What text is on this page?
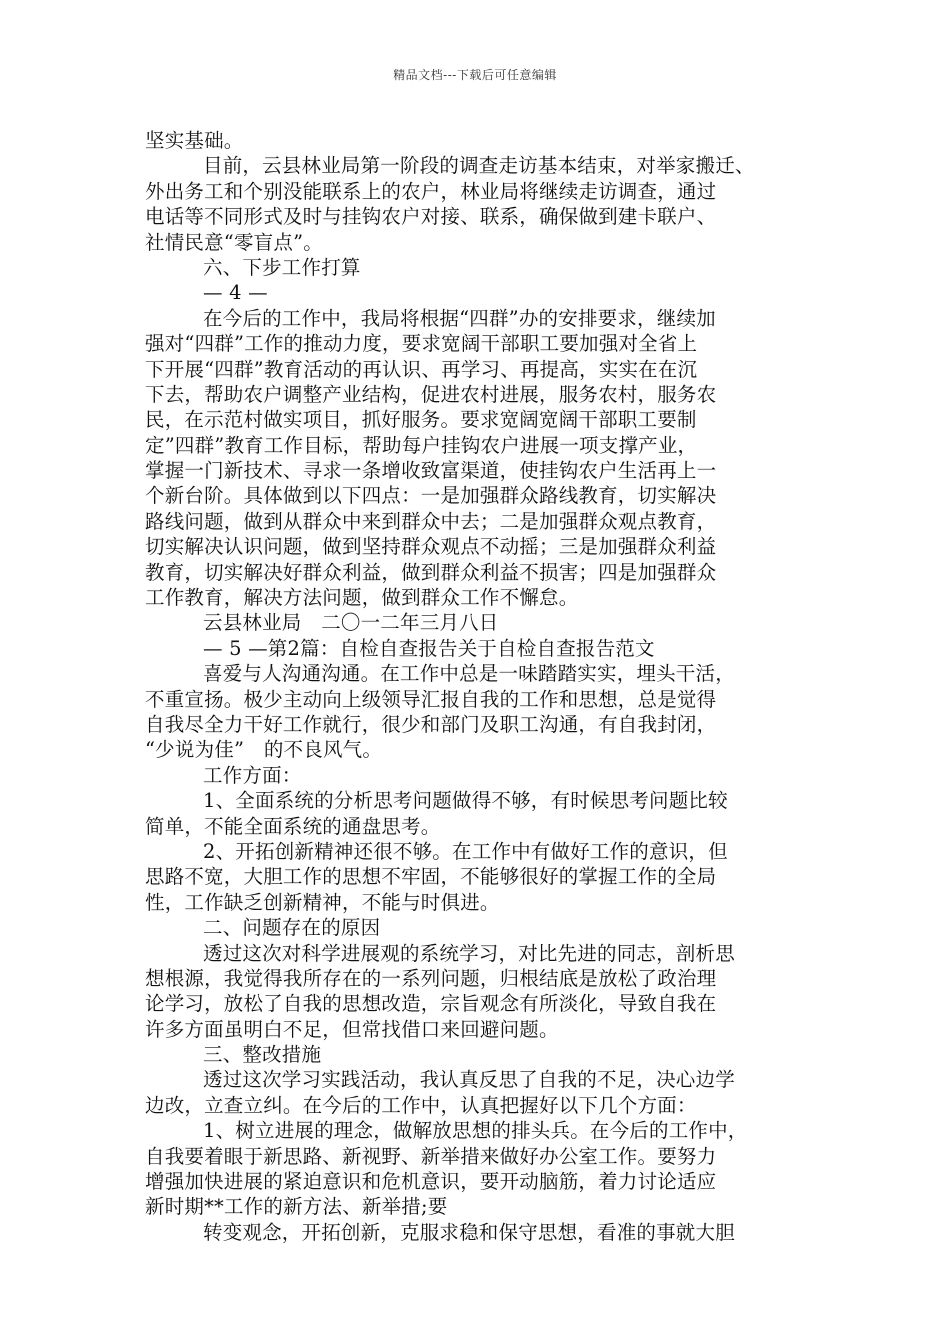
精品文档---下载后可任意编辑
坚实基础。
目前，云县林业局第一阶段的调查走访基本结束，对举家搬迁、
外出务工和个别没能联系上的农户，林业局将继续走访调查，通过
电话等不同形式及时与挂钩农户对接、联系，确保做到建卡联户、
社情民意“零盲点”。
六、下步工作打算
— 4 —
在今后的工作中，我局将根据“四群”办的安排要求，继续加
强对“四群”工作的推动力度，要求宽阔干部职工要加强对全省上
下开展“四群”教育活动的再认识、再学习、再提高，实实在在沉
下去，帮助农户调整产业结构，促进农村进展，服务农村，服务农
民，在示范村做实项目，抓好服务。要求宽阔宽阔干部职工要制
定”四群”教育工作目标，帮助每户挂钩农户进展一项支撑产业，
掌握一门新技术、寻求一条增收致富渠道，使挂钩农户生活再上一
个新台阶。具体做到以下四点：一是加强群众路线教育，切实解决
路线问题，做到从群众中来到群众中去；二是加强群众观点教育，
切实解决认识问题，做到坚持群众观点不动摇；三是加强群众利益
教育，切实解决好群众利益，做到群众利益不损害；四是加强群众
工作教育，解决方法问题，做到群众工作不懈怠。
云县林业局　二〇一二年三月八日
— 5 —第2篇：自检自查报告关于自检自查报告范文
喜爱与人沟通沟通。在工作中总是一味踏踏实实，埋头干活，
不重宣扬。极少主动向上级领导汇报自我的工作和思想，总是觉得
自我尽全力干好工作就行，很少和部门及职工沟通，有自我封闭，
“少说为佳”　的不良风气。
工作方面：
1、全面系统的分析思考问题做得不够，有时候思考问题比较
简单，不能全面系统的通盘思考。
2、开拓创新精神还很不够。在工作中有做好工作的意识，但
思路不宽，大胆工作的思想不牢固，不能够很好的掌握工作的全局
性，工作缺乏创新精神，不能与时俱进。
二、问题存在的原因
透过这次对科学进展观的系统学习，对比先进的同志，剖析思
想根源，我觉得我所存在的一系列问题，归根结底是放松了政治理
论学习，放松了自我的思想改造，宗旨观念有所淡化，导致自我在
许多方面虽明白不足，但常找借口来回避问题。
三、整改措施
透过这次学习实践活动，我认真反思了自我的不足，决心边学
边改，立查立纠。在今后的工作中，认真把握好以下几个方面：
1、树立进展的理念，做解放思想的排头兵。在今后的工作中，
自我要着眼于新思路、新视野、新举措来做好办公室工作。要努力
增强加快进展的紧迫意识和危机意识，要开动脑筋，着力讨论适应
新时期**工作的新方法、新举措;要
转变观念，开拓创新，克服求稳和保守思想，看准的事就大胆
